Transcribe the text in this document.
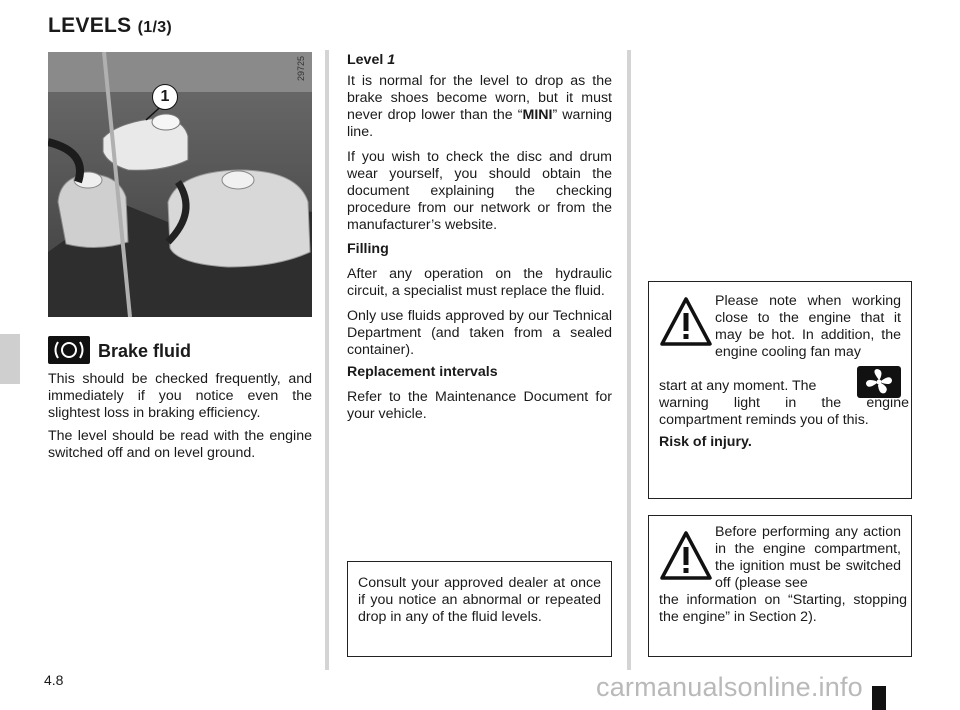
LEVELS (1/3)
29725
1
Brake fluid

This should be checked frequently, and immediately if you notice even the slightest loss in braking efficiency.

The level should be read with the engine switched off and on level ground.

Level 1

It is normal for the level to drop as the brake shoes become worn, but it must never drop lower than the “MINI” warning line.

If you wish to check the disc and drum wear yourself, you should obtain the document explaining the checking procedure from our network or from the manufacturer’s website.

Filling

After any operation on the hydraulic circuit, a specialist must replace the fluid.

Only use fluids approved by our Technical Department (and taken from a sealed container).

Replacement intervals

Refer to the Maintenance Document for your vehicle.

Consult your approved dealer at once if you notice an abnormal or repeated drop in any of the fluid levels.

Please note when working close to the engine that it may be hot. In addition, the engine cooling fan may

start at any moment. The

warning light in the engine compartment reminds you of this.

Risk of injury.

Before performing any action in the engine compartment, the ignition must be switched off (please see

the information on “Starting, stopping the engine” in Section 2).

4.8	carmanualsonline.info
